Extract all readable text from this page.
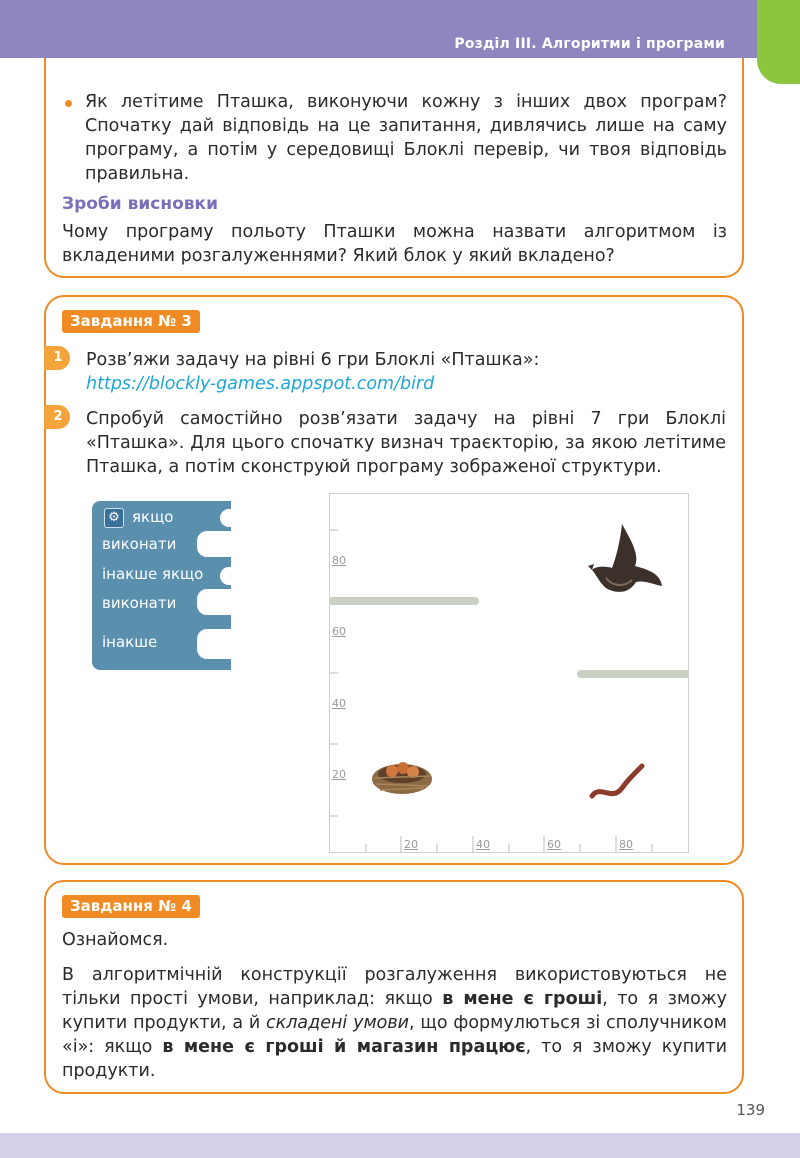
Розділ III. Алгоритми і програми
Як летітиме Пташка, виконуючи кожну з інших двох програм? Спочатку дай відповідь на це запитання, дивлячись лише на саму програму, а потім у середовищі Блоклі перевір, чи твоя відповідь правильна.
Зроби висновки
Чому програму польоту Пташки можна назвати алгоритмом із вкладеними розгалуженнями? Який блок у який вкладено?
Завдання № 3
1	Розв’яжи задачу на рівні 6 гри Блоклі «Пташка»:
https://blockly-games.appspot.com/bird
2	Спробуй самостійно розв’язати задачу на рівні 7 гри Блоклі «Пташка». Для цього спочатку визнач траєкторію, за якою летітиме Пташка, а потім сконструюй програму зображеної структури.
⚙ якщо
виконати
інакше якщо
виконати
інакше
80
60
40
20
20	40	60	80
Завдання № 4
Ознайомся.
В алгоритмічній конструкції розгалуження використовуються не тільки прості умови, наприклад: якщо в мене є гроші, то я зможу купити продукти, а й складені умови, що формулються зі сполучником «і»: якщо в мене є гроші й магазин працює, то я зможу купити продукти.
139
